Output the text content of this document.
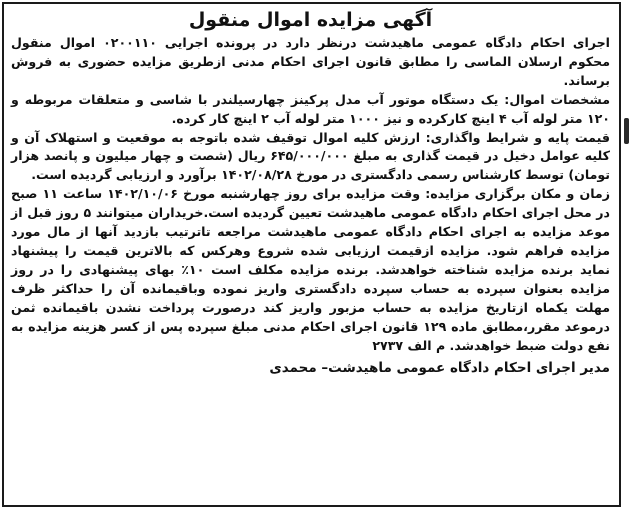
آگهی مزایده اموال منقول

اجرای احکام دادگاه عمومی ماهیدشت درنظر دارد در پرونده اجرایی ۰۲۰۰۱۱۰ اموال منقول محکوم ارسلان الماسی را مطابق قانون اجرای احکام مدنی ازطریق مزایده حضوری به فروش برساند.

مشخصات اموال: یک دستگاه موتور آب مدل پرکینز چهارسیلندر با شاسی و متعلقات مربوطه و ۱۲۰ متر لوله آب ۴ اینچ کارکرده و نیز ۱۰۰۰ متر لوله آب ۲ اینچ کار کرده.

قیمت پایه و شرایط واگذاری: ارزش کلیه اموال توقیف شده باتوجه به موقعیت و استهلاک آن و کلیه عوامل دخیل در قیمت گذاری به مبلغ ۶۴۵/۰۰۰/۰۰۰ ریال (شصت و چهار میلیون و پانصد هزار تومان) توسط کارشناس رسمی دادگستری در مورخ ۱۴۰۲/۰۸/۲۸ برآورد و ارزیابی گردیده است.

زمان و مکان برگزاری مزایده: وقت مزایده برای روز چهارشنبه مورخ ۱۴۰۲/۱۰/۰۶ ساعت ۱۱ صبح در محل اجرای احکام دادگاه عمومی ماهیدشت تعیین گردیده است.خریداران میتوانند ۵ روز قبل از موعد مزایده به اجرای احکام دادگاه عمومی ماهیدشت مراجعه تاترتیب بازدید آنها از مال مورد مزایده فراهم شود. مزایده ازقیمت ارزیابی شده شروع وهرکس که بالاترین قیمت را پیشنهاد نماید برنده مزایده شناخته خواهدشد. برنده مزایده مکلف است ۱۰٪ بهای پیشنهادی را در روز مزایده بعنوان سپرده به حساب سپرده دادگستری واریز نموده وباقیمانده آن را حداکثر ظرف مهلت یکماه ازتاریخ مزایده به حساب مزبور واریز کند درصورت پرداخت نشدن باقیمانده ثمن درموعد مقرر،مطابق ماده ۱۲۹ قانون اجرای احکام مدنی مبلغ سپرده پس از کسر هزینه مزایده به نفع دولت ضبط خواهدشد. م الف ۲۷۳۷

مدیر اجرای احکام دادگاه عمومی ماهیدشت– محمدی
